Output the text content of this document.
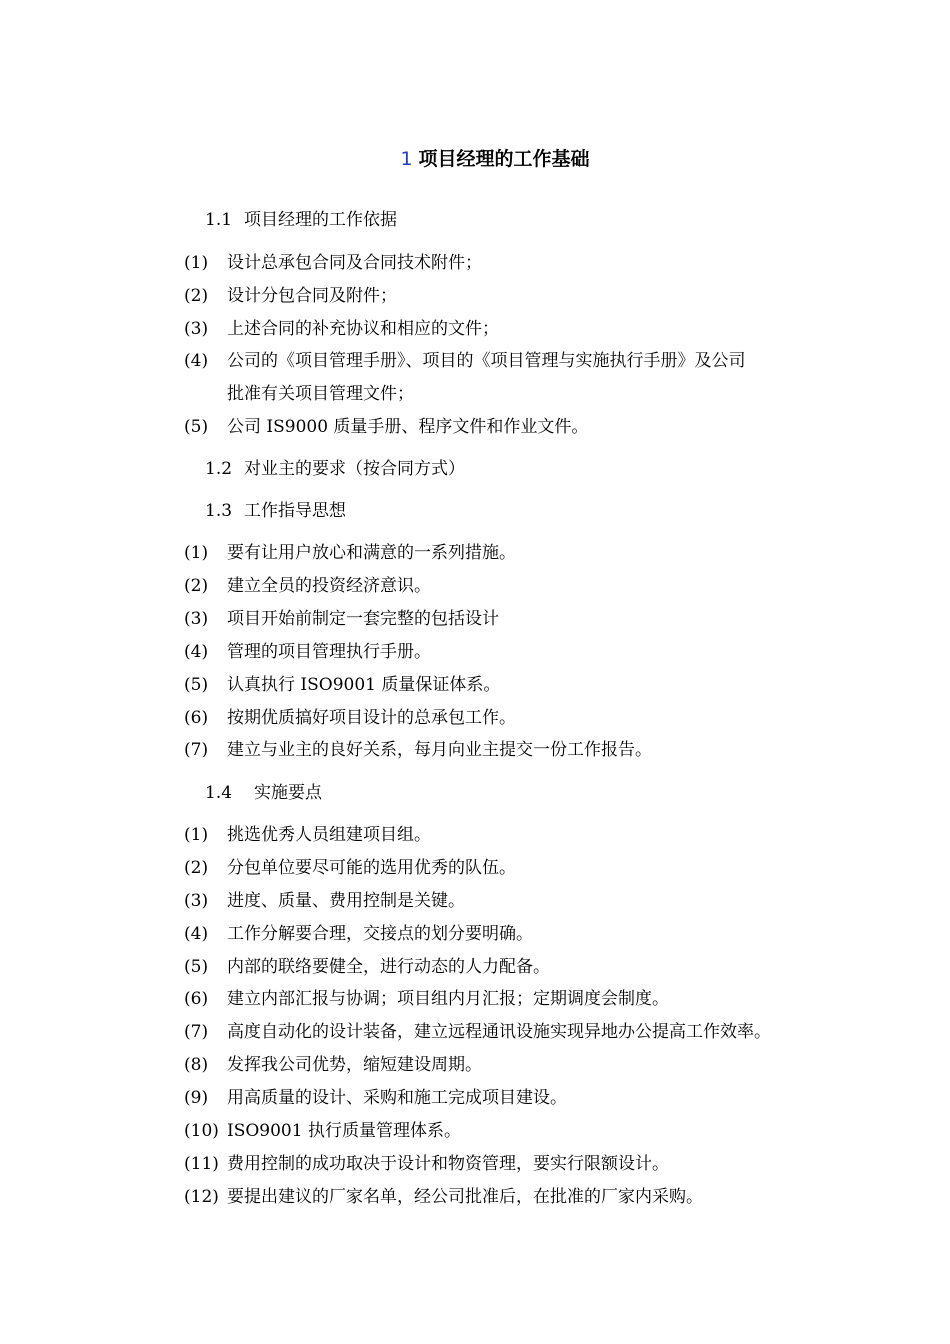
1 项目经理的工作基础
1.1 项目经理的工作依据
(1) 设计总承包合同及合同技术附件；
(2) 设计分包合同及附件；
(3) 上述合同的补充协议和相应的文件；
(4) 公司的《项目管理手册》、项目的《项目管理与实施执行手册》及公司
批准有关项目管理文件；
(5) 公司 IS9000 质量手册、程序文件和作业文件。
1.2 对业主的要求（按合同方式）
1.3 工作指导思想
(1) 要有让用户放心和满意的一系列措施。
(2) 建立全员的投资经济意识。
(3) 项目开始前制定一套完整的包括设计
(4) 管理的项目管理执行手册。
(5) 认真执行 ISO9001 质量保证体系。
(6) 按期优质搞好项目设计的总承包工作。
(7) 建立与业主的良好关系，每月向业主提交一份工作报告。
1.4 实施要点
(1) 挑选优秀人员组建项目组。
(2) 分包单位要尽可能的选用优秀的队伍。
(3) 进度、质量、费用控制是关键。
(4) 工作分解要合理，交接点的划分要明确。
(5) 内部的联络要健全，进行动态的人力配备。
(6) 建立内部汇报与协调；项目组内月汇报；定期调度会制度。
(7) 高度自动化的设计装备，建立远程通讯设施实现异地办公提高工作效率。
(8) 发挥我公司优势，缩短建设周期。
(9) 用高质量的设计、采购和施工完成项目建设。
(10) ISO9001 执行质量管理体系。
(11) 费用控制的成功取决于设计和物资管理，要实行限额设计。
(12) 要提出建议的厂家名单，经公司批准后，在批准的厂家内采购。
